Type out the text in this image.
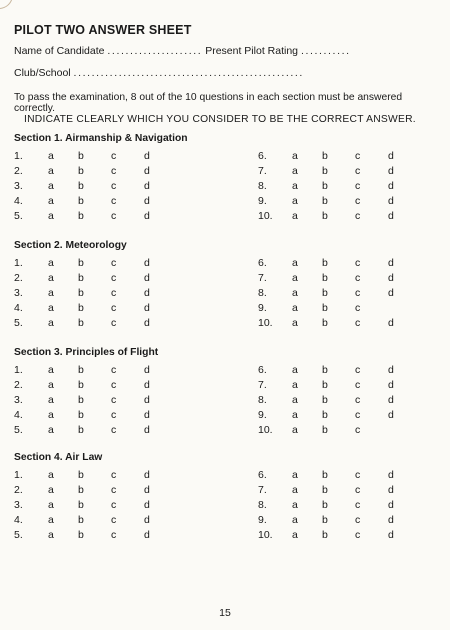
PILOT TWO ANSWER SHEET
Name of Candidate ..................... Present Pilot Rating ...........
Club/School ...................................................
To pass the examination, 8 out of the 10 questions in each section must be answered correctly.
INDICATE CLEARLY WHICH YOU CONSIDER TO BE THE CORRECT ANSWER.
Section 1. Airmanship & Navigation
1. a b	c	d
2. a b	c	d
3. a b	c	d
4. a b	c	d
5. a b	c	d
6. a b	c	d
7. a b	c	d
8. a b	c	d
9. a b	c	d
10. a b	c	d
Section 2. Meteorology
1. a b	c	d
2. a b	c	d
3. a b	c	d
4. a b	c	d
5. a b	c	d
6. a b	c	d
7. a b	c	d
8. a b	c	d
9. a b	c
10. a b	c	d
Section 3. Principles of Flight
1. a b	c	d
2. a b	c	d
3. a b	c	d
4. a b	c	d
5. a b	c	d
6. a b	c	d
7. a b	c	d
8. a b	c	d
9. a b	c	d
10. a b	c
Section 4. Air Law
1. a b	c	d
2. a b	c	d
3. a b	c	d
4. a b	c	d
5. a b	c	d
6. a b	c	d
7. a b	c	d
8. a b	c	d
9. a b	c	d
10. a b	c	d
15
